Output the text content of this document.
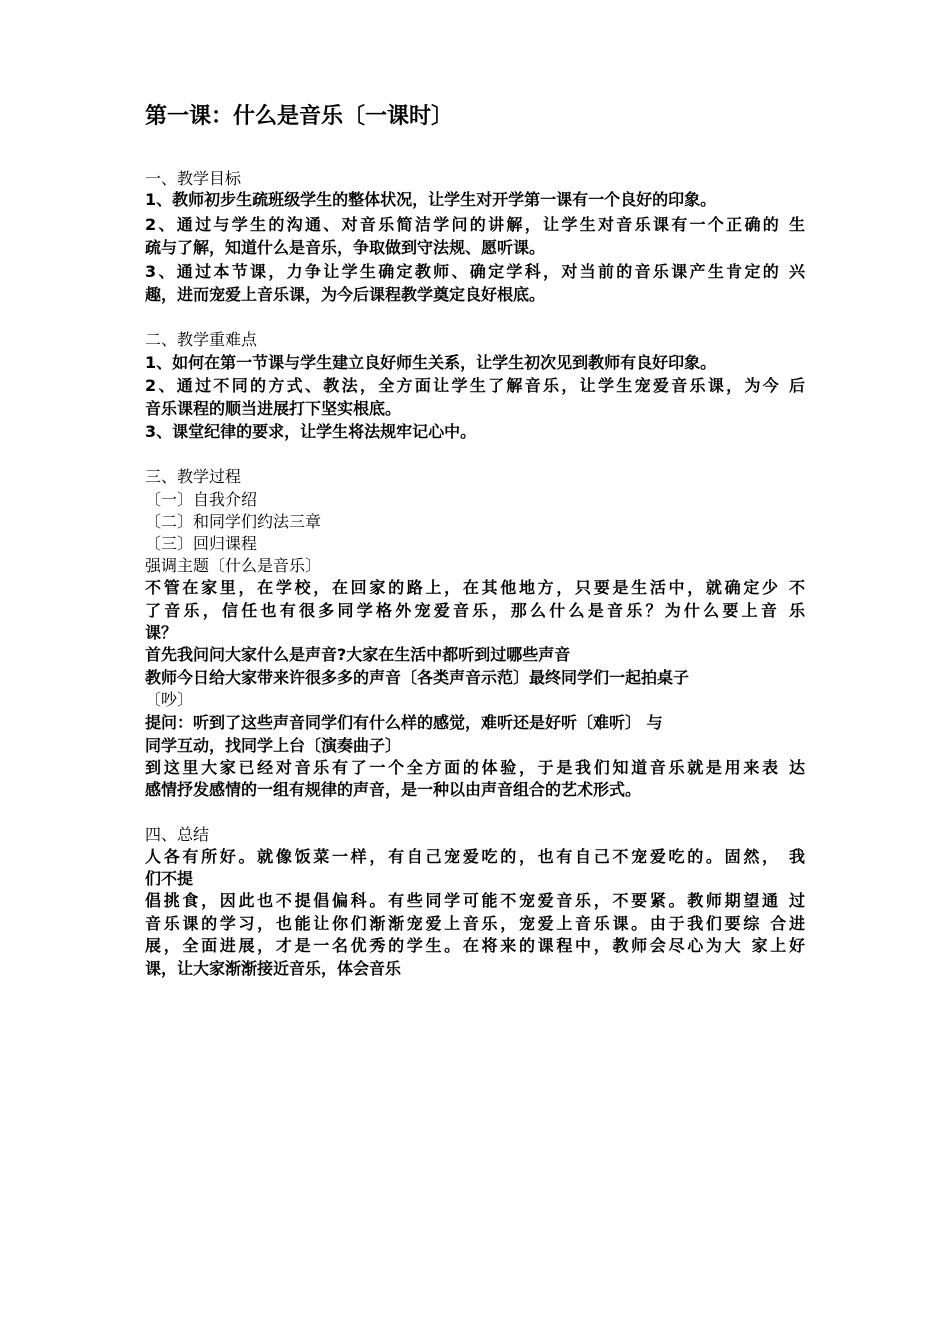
第一课：什么是音乐〔一课时〕
一、教学目标
1、教师初步生疏班级学生的整体状况，让学生对开学第一课有一个良好的印象。
2、通过与学生的沟通、对音乐简洁学问的讲解，让学生对音乐课有一个正确的 生
疏与了解，知道什么是音乐，争取做到守法规、愿听课。
3、通过本节课，力争让学生确定教师、确定学科，对当前的音乐课产生肯定的 兴
趣，进而宠爱上音乐课，为今后课程教学奠定良好根底。
二、教学重难点
1、如何在第一节课与学生建立良好师生关系，让学生初次见到教师有良好印象。
2、通过不同的方式、教法，全方面让学生了解音乐，让学生宠爱音乐课，为今 后
音乐课程的顺当进展打下坚实根底。
3、课堂纪律的要求，让学生将法规牢记心中。
三、教学过程
〔一〕自我介绍
〔二〕和同学们约法三章
〔三〕回归课程
强调主题〔什么是音乐〕
不管在家里，在学校，在回家的路上，在其他地方，只要是生活中，就确定少 不
了音乐，信任也有很多同学格外宠爱音乐，那么什么是音乐？为什么要上音 乐
课？
首先我问问大家什么是声音?大家在生活中都听到过哪些声音
教师今日给大家带来许很多多的声音〔各类声音示范〕最终同学们一起拍桌子
〔吵〕
提问：听到了这些声音同学们有什么样的感觉，难听还是好听〔难听〕 与
同学互动，找同学上台〔演奏曲子〕
到这里大家已经对音乐有了一个全方面的体验，于是我们知道音乐就是用来表 达
感情抒发感情的一组有规律的声音，是一种以由声音组合的艺术形式。
四、总结
人各有所好。就像饭菜一样，有自己宠爱吃的，也有自己不宠爱吃的。固然， 我
们不提
倡挑食，因此也不提倡偏科。有些同学可能不宠爱音乐，不要紧。教师期望通 过
音乐课的学习，也能让你们渐渐宠爱上音乐，宠爱上音乐课。由于我们要综 合进
展，全面进展，才是一名优秀的学生。在将来的课程中，教师会尽心为大 家上好
课，让大家渐渐接近音乐，体会音乐
